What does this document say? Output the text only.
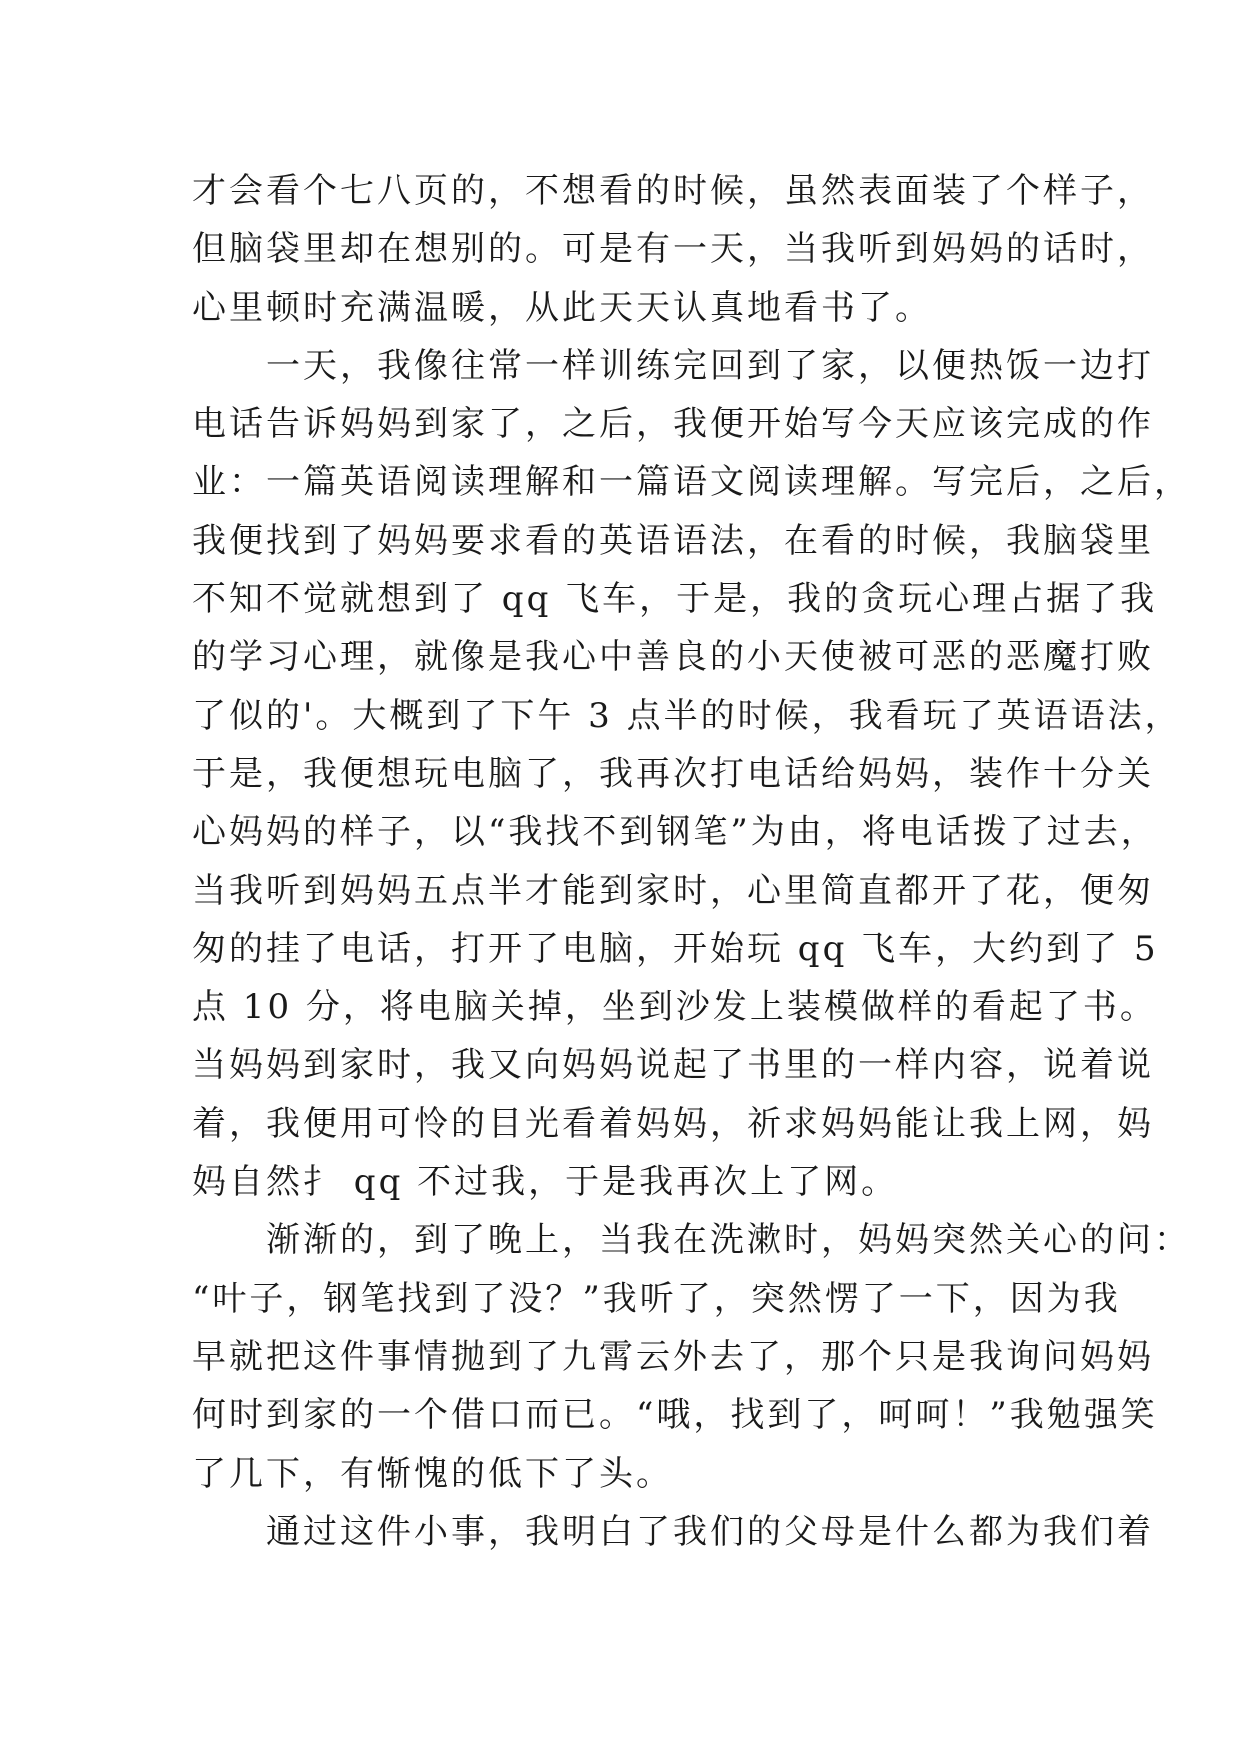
才会看个七八页的，不想看的时候，虽然表面装了个样子，
但脑袋里却在想别的。可是有一天，当我听到妈妈的话时，
心里顿时充满温暖，从此天天认真地看书了。
　　一天，我像往常一样训练完回到了家，以便热饭一边打
电话告诉妈妈到家了，之后，我便开始写今天应该完成的作
业：一篇英语阅读理解和一篇语文阅读理解。写完后，之后，
我便找到了妈妈要求看的英语语法，在看的时候，我脑袋里
不知不觉就想到了 qq 飞车，于是，我的贪玩心理占据了我
的学习心理，就像是我心中善良的小天使被可恶的恶魔打败
了似的'。大概到了下午 3 点半的时候，我看玩了英语语法，
于是，我便想玩电脑了，我再次打电话给妈妈，装作十分关
心妈妈的样子，以“我找不到钢笔”为由，将电话拨了过去，
当我听到妈妈五点半才能到家时，心里简直都开了花，便匆
匆的挂了电话，打开了电脑，开始玩 qq 飞车，大约到了 5
点 10 分，将电脑关掉，坐到沙发上装模做样的看起了书。
当妈妈到家时，我又向妈妈说起了书里的一样内容，说着说
着，我便用可怜的目光看着妈妈，祈求妈妈能让我上网，妈
妈自然扌 qq 不过我，于是我再次上了网。
　　渐渐的，到了晚上，当我在洗漱时，妈妈突然关心的问：
“叶子，钢笔找到了没？”我听了，突然愣了一下，因为我
早就把这件事情抛到了九霄云外去了，那个只是我询问妈妈
何时到家的一个借口而已。“哦，找到了，呵呵！”我勉强笑
了几下，有惭愧的低下了头。
　　通过这件小事，我明白了我们的父母是什么都为我们着
